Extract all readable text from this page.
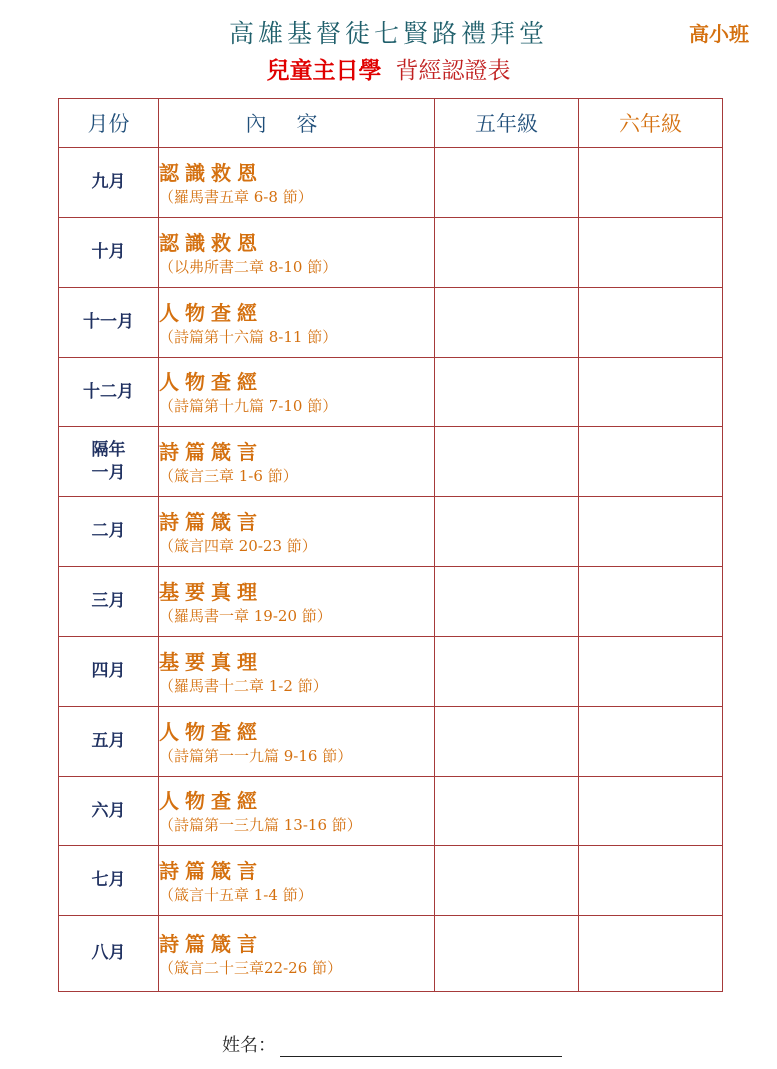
高雄基督徒七賢路禮拜堂	高小班
兒童主日學 背經認證表
月份	內容	五年級	六年級
九月	認識救恩
（羅馬書五章 6-8 節）		

十月	認識救恩
（以弗所書二章 8-10 節）		

十一月	人物查經
（詩篇第十六篇 8-11 節）		

十二月	人物查經
（詩篇第十九篇 7-10 節）		

隔年
一月	詩篇箴言
（箴言三章 1-6 節）		

二月	詩篇箴言
（箴言四章 20-23 節）		

三月	基要真理
（羅馬書一章 19-20 節）		

四月	基要真理
（羅馬書十二章 1-2 節）		

五月	人物查經
（詩篇第一一九篇 9-16 節）		

六月	人物查經
（詩篇第一三九篇 13-16 節）		

七月	詩篇箴言
（箴言十五章 1-4 節）		

八月	詩篇箴言
（箴言二十三章22-26 節）		

姓名：
